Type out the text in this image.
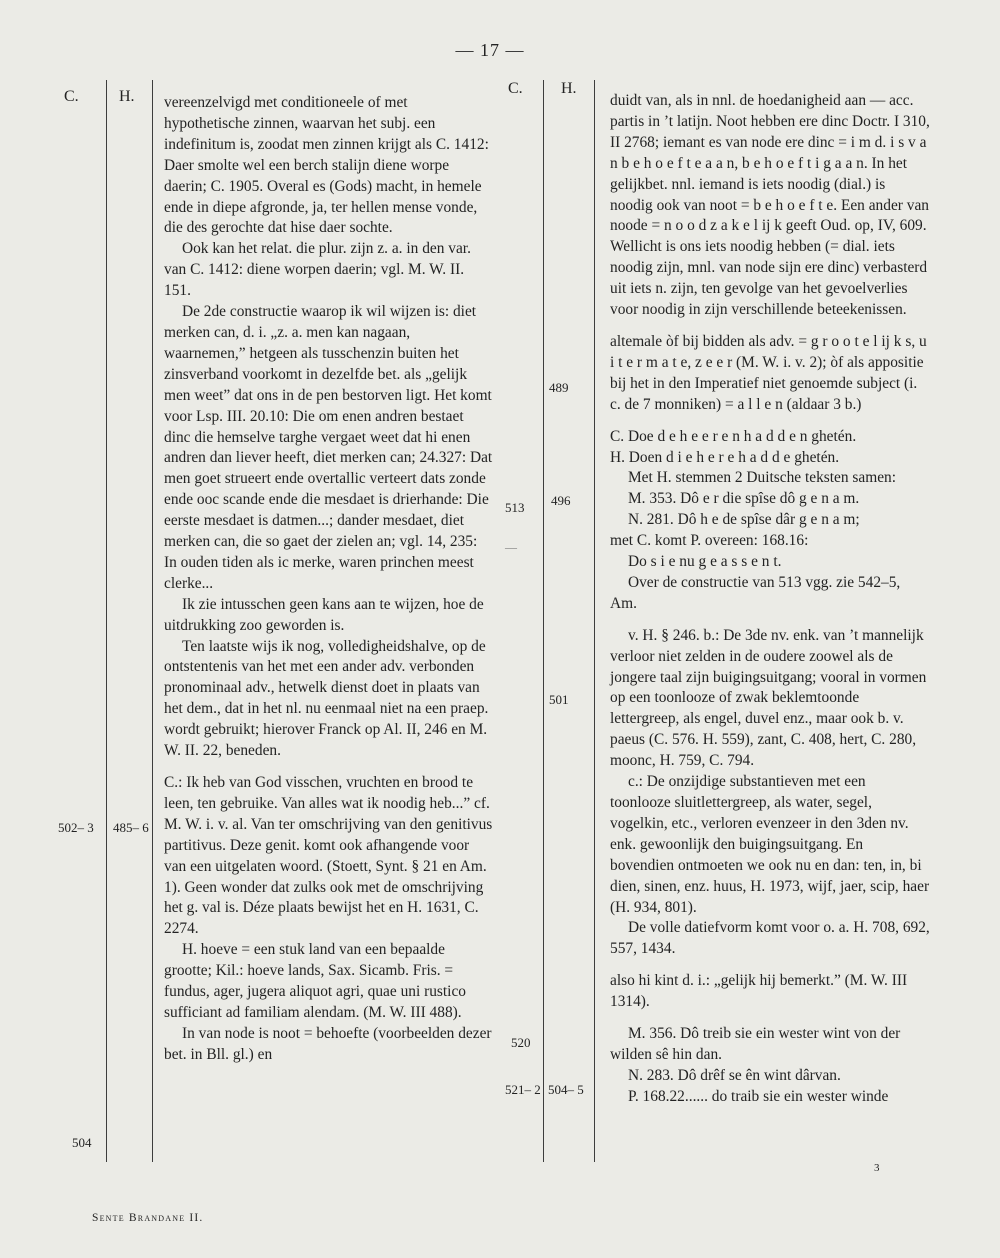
— 17 —
C.	H.	C. H.
502– 3 485– 6
504
489
513 496
501
520
521– 2 504– 5
—

vereenzelvigd met conditioneele of met hypothetische zinnen, waarvan het subj. een indefinitum is, zoodat men zinnen krijgt als C. 1412: Daer smolte wel een berch stalijn diene worpe daerin; C. 1905. Overal es (Gods) macht, in hemele ende in diepe afgronde, ja, ter hellen mense vonde, die des gerochte dat hise daer sochte.

Ook kan het relat. die plur. zijn z. a. in den var. van C. 1412: diene worpen daerin; vgl. M. W. II. 151.

De 2de constructie waarop ik wil wijzen is: diet merken can, d. i. „z. a. men kan nagaan, waarnemen,” hetgeen als tusschenzin buiten het zinsverband voorkomt in dezelfde bet. als „gelijk men weet” dat ons in de pen bestorven ligt. Het komt voor Lsp. III. 20.10: Die om enen andren bestaet dinc die hemselve targhe vergaet weet dat hi enen andren dan liever heeft, diet merken can; 24.327: Dat men goet strueert ende overtallic verteert dats zonde ende ooc scande ende die mesdaet is drierhande: Die eerste mesdaet is datmen...; dander mesdaet, diet merken can, die so gaet der zielen an; vgl. 14, 235: In ouden tiden als ic merke, waren princhen meest clerke...

Ik zie intusschen geen kans aan te wijzen, hoe de uitdrukking zoo geworden is.

Ten laatste wijs ik nog, volledigheidshalve, op de ontstentenis van het met een ander adv. verbonden pronominaal adv., hetwelk dienst doet in plaats van het dem., dat in het nl. nu eenmaal niet na een praep. wordt gebruikt; hierover Franck op Al. II, 246 en M. W. II. 22, beneden.

C.: Ik heb van God visschen, vruchten en brood te leen, ten gebruike. Van alles wat ik noodig heb...” cf. M. W. i. v. al. Van ter omschrijving van den genitivus partitivus. Deze genit. komt ook afhangende voor van een uitgelaten woord. (Stoett, Synt. § 21 en Am. 1). Geen wonder dat zulks ook met de omschrijving het g. val is. Déze plaats bewijst het en H. 1631, C. 2274.

H. hoeve = een stuk land van een bepaalde grootte; Kil.: hoeve lands, Sax. Sicamb. Fris. = fundus, ager, jugera aliquot agri, quae uni rustico sufficiant ad familiam alendam. (M. W. III 488).

In van node is noot = behoefte (voorbeelden dezer bet. in Bll. gl.) en

duidt van, als in nnl. de hoedanigheid aan — acc. partis in ’t latijn. Noot hebben ere dinc Doctr. I 310, II 2768; iemant es van node ere dinc = i m d. i s v a n b e h o e f t e a a n, b e h o e f t i g a a n. In het gelijkbet. nnl. iemand is iets noodig (dial.) is noodig ook van noot = b e h o e f t e. Een ander van noode = n o o d z a k e l ij k geeft Oud. op, IV, 609. Wellicht is ons iets noodig hebben (= dial. iets noodig zijn, mnl. van node sijn ere dinc) verbasterd uit iets n. zijn, ten gevolge van het gevoelverlies voor noodig in zijn verschillende beteekenissen.

altemale òf bij bidden als adv. = g r o o t e l ij k s, u i t e r m a t e, z e e r (M. W. i. v. 2); òf als appositie bij het in den Imperatief niet genoemde subject (i. c. de 7 monniken) = a l l e n (aldaar 3 b.)

C. Doe d e h e e r e n h a d d e n ghetén.

H. Doen d i e h e r e h a d d e ghetén.

Met H. stemmen 2 Duitsche teksten samen:

M. 353. Dô e r die spîse dô g e n a m.

N. 281. Dô h e de spîse dâr g e n a m;

met C. komt P. overeen: 168.16:

Do s i e nu g e a s s e n t.

Over de constructie van 513 vgg. zie 542–5, Am.

v. H. § 246. b.: De 3de nv. enk. van ’t mannelijk verloor niet zelden in de oudere zoowel als de jongere taal zijn buigingsuitgang; vooral in vormen op een toonlooze of zwak beklemtoonde lettergreep, als engel, duvel enz., maar ook b. v. paeus (C. 576. H. 559), zant, C. 408, hert, C. 280, moonc, H. 759, C. 794.

c.: De onzijdige substantieven met een toonlooze sluitlettergreep, als water, segel, vogelkin, etc., verloren evenzeer in den 3den nv. enk. gewoonlijk den buigingsuitgang. En bovendien ontmoeten we ook nu en dan: ten, in, bi dien, sinen, enz. huus, H. 1973, wijf, jaer, scip, haer (H. 934, 801).

De volle datiefvorm komt voor o. a. H. 708, 692, 557, 1434.

also hi kint d. i.: „gelijk hij bemerkt.” (M. W. III 1314).

M. 356. Dô treib sie ein wester wint von der wilden sê hin dan.

N. 283. Dô drêf se ên wint dârvan.

P. 168.22...... do traib sie ein wester winde

Sente Brandane II.
3
